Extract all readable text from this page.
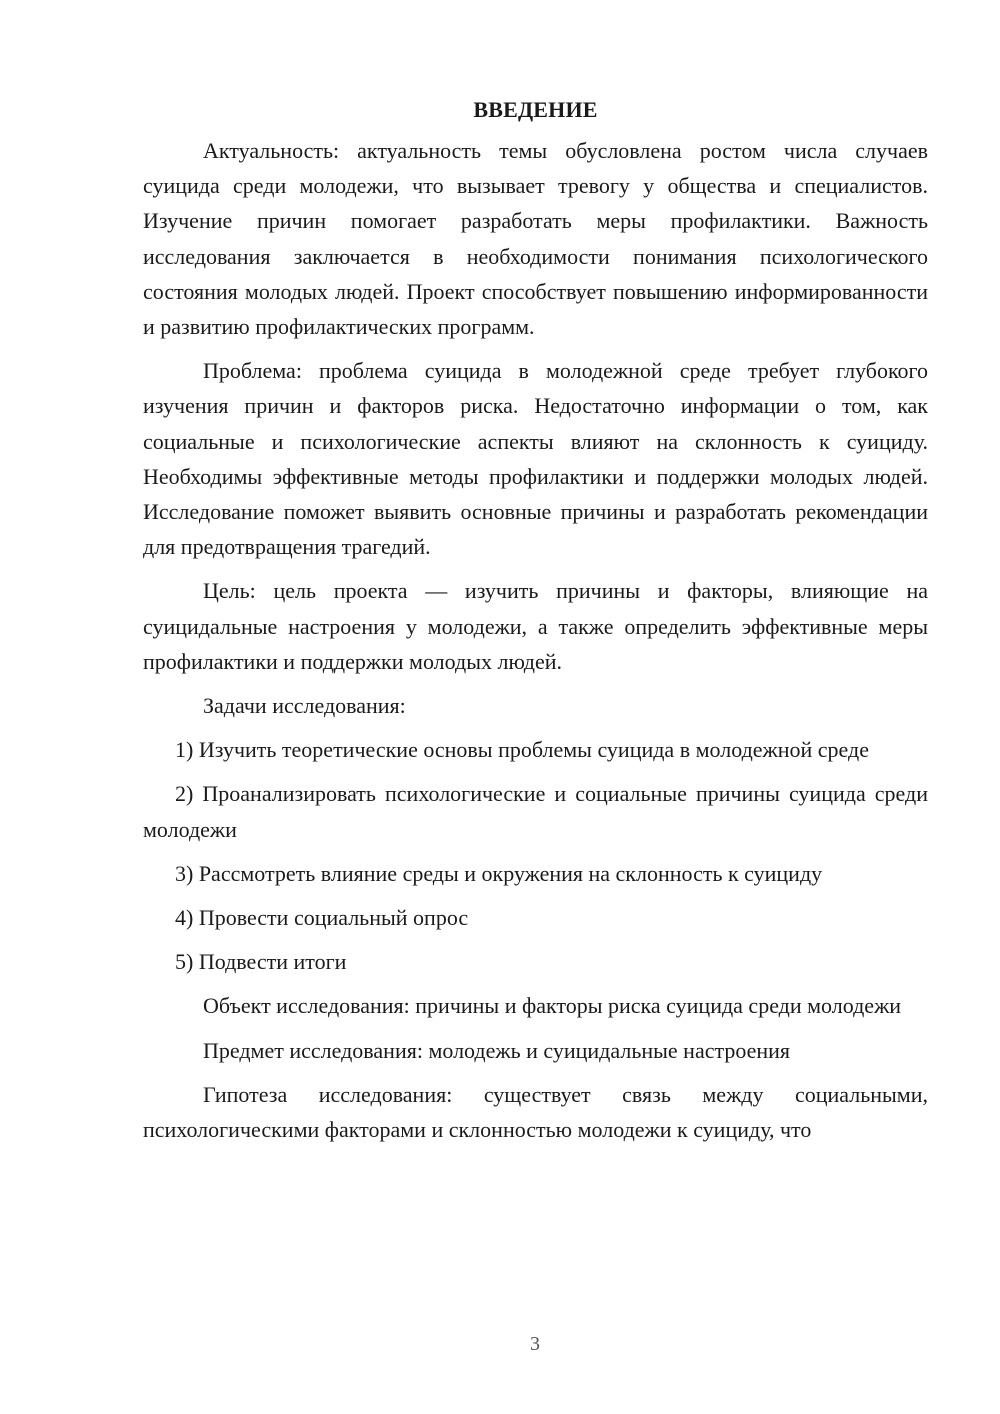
ВВЕДЕНИЕ

Актуальность: актуальность темы обусловлена ростом числа случаев суицида среди молодежи, что вызывает тревогу у общества и специалистов. Изучение причин помогает разработать меры профилактики. Важность исследования заключается в необходимости понимания психологического состояния молодых людей. Проект способствует повышению информированности и развитию профилактических программ.

Проблема: проблема суицида в молодежной среде требует глубокого изучения причин и факторов риска. Недостаточно информации о том, как социальные и психологические аспекты влияют на склонность к суициду. Необходимы эффективные методы профилактики и поддержки молодых людей. Исследование поможет выявить основные причины и разработать рекомендации для предотвращения трагедий.

Цель: цель проекта — изучить причины и факторы, влияющие на суицидальные настроения у молодежи, а также определить эффективные меры профилактики и поддержки молодых людей.

Задачи исследования:

1) Изучить теоретические основы проблемы суицида в молодежной среде

2) Проанализировать психологические и социальные причины суицида среди молодежи

3) Рассмотреть влияние среды и окружения на склонность к суициду

4) Провести социальный опрос

5) Подвести итоги

Объект исследования: причины и факторы риска суицида среди молодежи

Предмет исследования: молодежь и суицидальные настроения

Гипотеза исследования: существует связь между социальными, психологическими факторами и склонностью молодежи к суициду, что

3
